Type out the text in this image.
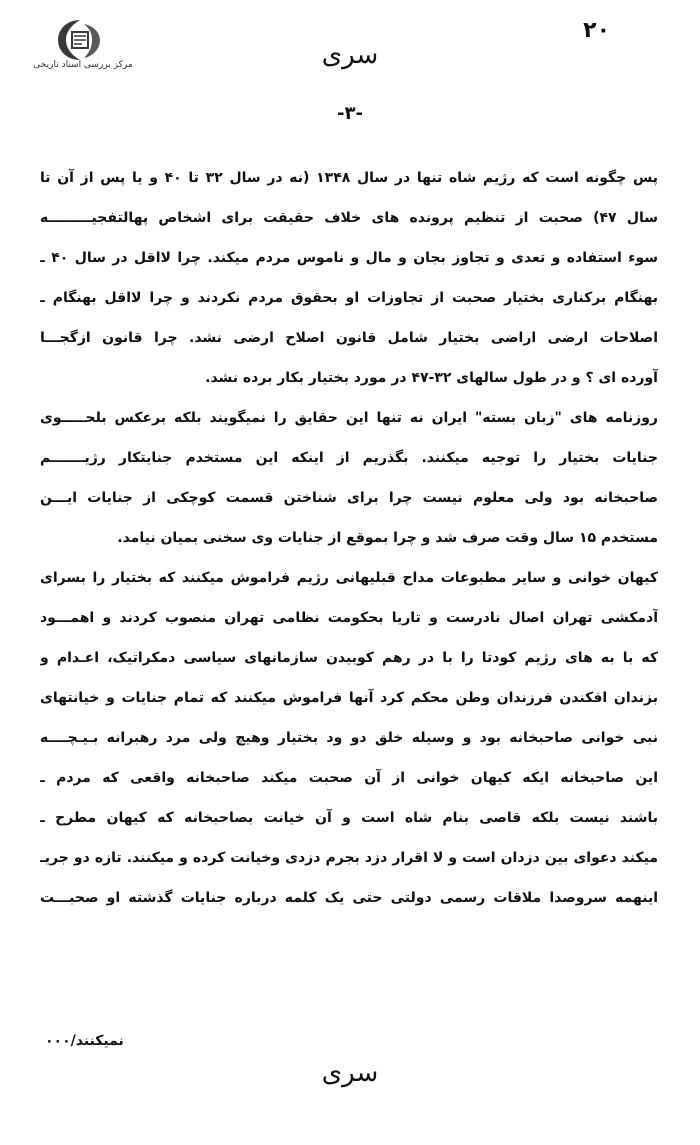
مرکز بررسی اسناد تاریخی
۲۰
سری
-۳-
پس چگونه است که رژیم شاه تنها در سال ۱۳۴۸ (نه در سال ۳۲ تا ۴۰ و یا پس از آن تا
سال ۴۷) صحبت از تنظیم پرونده های خلاف حقیقت برای اشخاص پهالتفجیـــــــــه
سوء استفاده و تعدی و تجاوز بجان و مال و ناموس مردم میکند. چرا لااقل در سال ۴۰ ـ
بهنگام برکناری بختیار صحبت از تجاوزات او بحقوق مردم نکردند و چرا لااقل بهنگام ـ
اصلاحات ارضی اراضی بختیار شامل قانون اصلاح ارضی نشد. چرا قانون ازگجـــا
آورده ای ؟ و در طول سالهای ۳۲-۴۷ در مورد بختیار بکار برده نشد.
روزنامه های "زبان بسته" ایران نه تنها این حقایق را نمیگویند بلکه برعکس بلحـــــوی
جنایات بختیار را توجیه میکنند. بگذریم از اینکه این مستخدم جنایتکار رژیـــــــم
صاحبخانه بود ولی معلوم نیست چرا برای شناختن قسمت کوچکی از جنایات ایـــن
مستخدم ۱۵ سال وقت صرف شد و چرا بموقع از جنایات وی سخنی بمیان نیامد.
کیهان خوانی و سایر مطبوعات مداح قبلیهانی رژیم فراموش میکنند که بختیار را بسرای
آدمکشی تهران اصال نادرست و تاریا بحکومت نظامی تهران منصوب کردند و اهمـــود
که با به های رژیم کودتا را با در رهم کوبیدن سازمانهای سیاسی دمکراتیک، اعـدام و
بزندان افکندن فرزندان وطن محکم کرد آنها فراموش میکنند که تمام جنایات و خیانتهای
نبی خوانی صاحبخانه بود و وسیله خلق دو ود بختیار وهیچ ولی مرد رهبرانه بـیـچــــه
این صاحبخانه ایکه کیهان خوانی از آن صحبت میکند صاحبخانه واقعی که مردم ـ
باشند نیست بلکه قاصی بنام شاه است و آن خیانت بصاحبخانه که کیهان مطرح ـ
میکند دعوای بین دزدان است و لا اقرار دزد بجرم دزدی وخیانت کرده و میکنند. تازه دو جریـ
اینهمه سروصدا ملاقات رسمی دولتی حتی یک کلمه درباره جنایات گذشته او صحبـــت
نمیکنند/۰۰۰
سری
